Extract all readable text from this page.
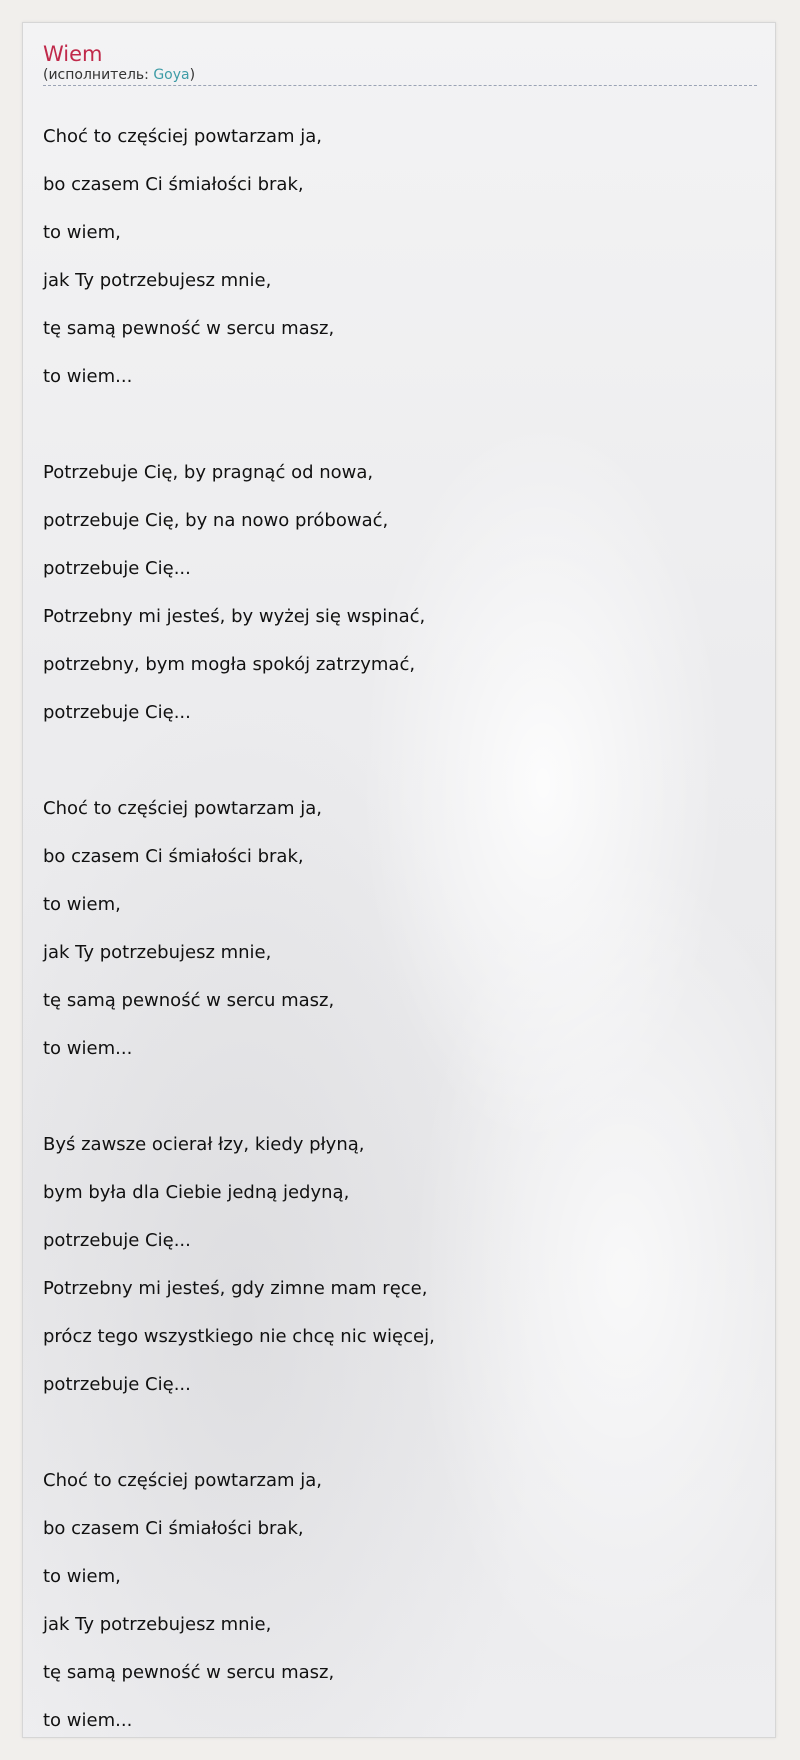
Wiem
(исполнитель: Goya)
Choć to częściej powtarzam ja,
bo czasem Ci śmiałości brak,
to wiem,
jak Ty potrzebujesz mnie,
tę samą pewność w sercu masz,
to wiem...
Potrzebuje Cię, by pragnąć od nowa,
potrzebuje Cię, by na nowo próbować,
potrzebuje Cię...
Potrzebny mi jesteś, by wyżej się wspinać,
potrzebny, bym mogła spokój zatrzymać,
potrzebuje Cię...
Choć to częściej powtarzam ja,
bo czasem Ci śmiałości brak,
to wiem,
jak Ty potrzebujesz mnie,
tę samą pewność w sercu masz,
to wiem...
Byś zawsze ocierał łzy, kiedy płyną,
bym była dla Ciebie jedną jedyną,
potrzebuje Cię...
Potrzebny mi jesteś, gdy zimne mam ręce,
prócz tego wszystkiego nie chcę nic więcej,
potrzebuje Cię...
Choć to częściej powtarzam ja,
bo czasem Ci śmiałości brak,
to wiem,
jak Ty potrzebujesz mnie,
tę samą pewność w sercu masz,
to wiem...
